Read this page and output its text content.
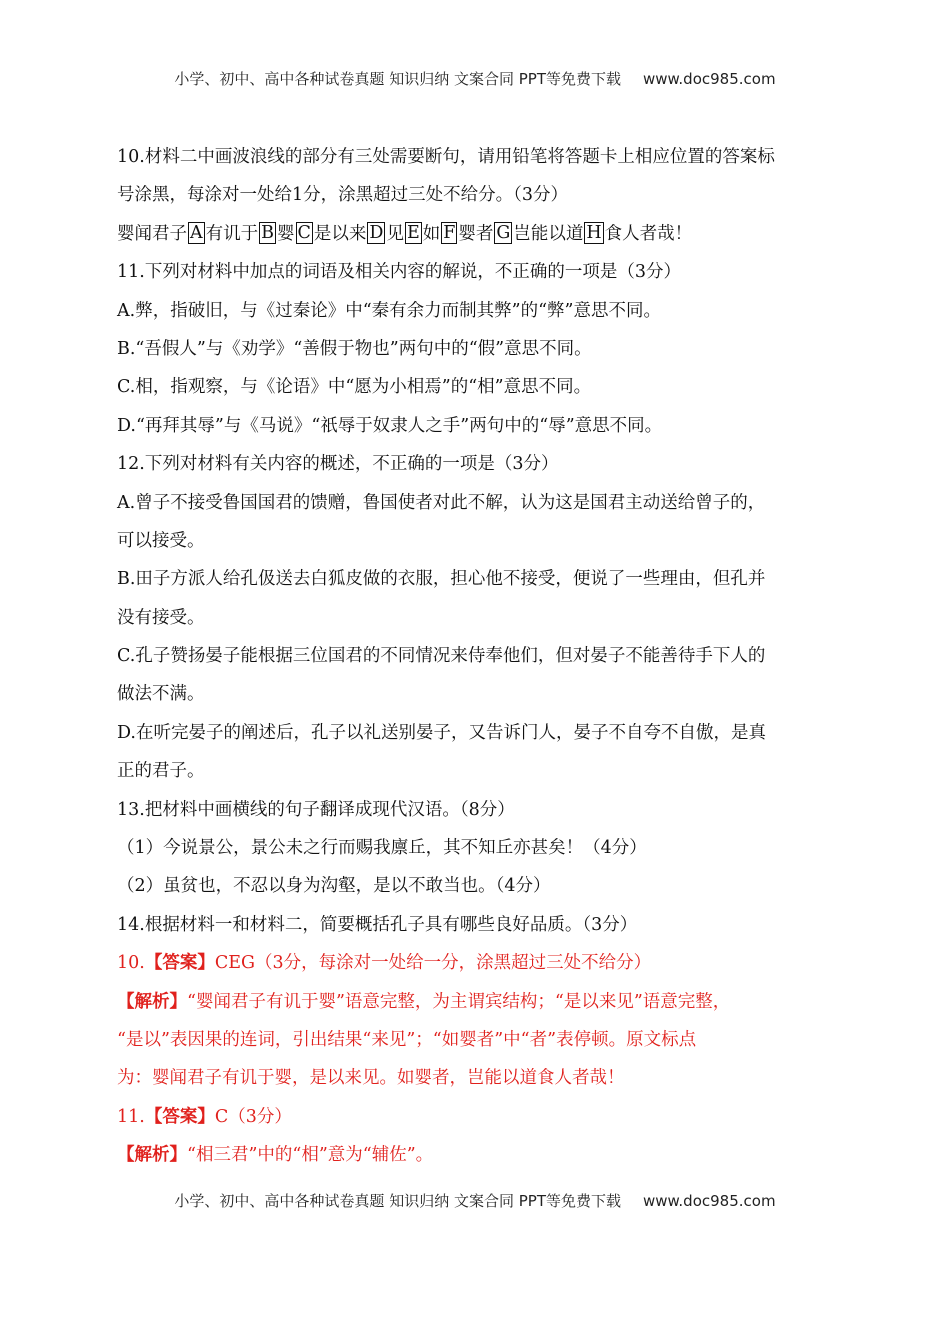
小学、初中、高中各种试卷真题 知识归纳 文案合同 PPT等免费下载 www.doc985.com
10.材料二中画波浪线的部分有三处需要断句，请用铅笔将答题卡上相应位置的答案标
号涂黑，每涂对一处给1分，涂黑超过三处不给分。（3分）
婴闻君子 A 有讥于 B 婴 C 是以来 D 见 E 如 F 婴者 G 岂能以道 H 食人者哉！
11.下列对材料中加点的词语及相关内容的解说，不正确的一项是（3分）
A.弊，指破旧，与《过秦论》中“秦有余力而制其弊”的“弊”意思不同。
B.“吾假人”与《劝学》“善假于物也”两句中的“假”意思不同。
C.相，指观察，与《论语》中“愿为小相焉”的“相”意思不同。
D.“再拜其辱”与《马说》“祇辱于奴隶人之手”两句中的“辱”意思不同。
12.下列对材料有关内容的概述，不正确的一项是（3分）
A.曾子不接受鲁国国君的馈赠，鲁国使者对此不解，认为这是国君主动送给曾子的，
可以接受。
B.田子方派人给孔伋送去白狐皮做的衣服，担心他不接受，便说了一些理由，但孔并
没有接受。
C.孔子赞扬晏子能根据三位国君的不同情况来侍奉他们，但对晏子不能善待手下人的
做法不满。
D.在听完晏子的阐述后，孔子以礼送别晏子，又告诉门人，晏子不自夸不自傲，是真
正的君子。
13.把材料中画横线的句子翻译成现代汉语。（8分）
（1）今说景公，景公未之行而赐我廪丘，其不知丘亦甚矣！（4分）
（2）虽贫也，不忍以身为沟壑，是以不敢当也。（4分）
14.根据材料一和材料二，简要概括孔子具有哪些良好品质。（3分）
10.【答案】CEG（3分，每涂对一处给一分，涂黑超过三处不给分）
【解析】“婴闻君子有讥于婴”语意完整，为主谓宾结构；“是以来见”语意完整，
“是以”表因果的连词，引出结果“来见”；“如婴者”中“者”表停顿。原文标点
为：婴闻君子有讥于婴，是以来见。如婴者，岂能以道食人者哉！
11.【答案】C（3分）
【解析】“相三君”中的“相”意为“辅佐”。
小学、初中、高中各种试卷真题 知识归纳 文案合同 PPT等免费下载 www.doc985.com
